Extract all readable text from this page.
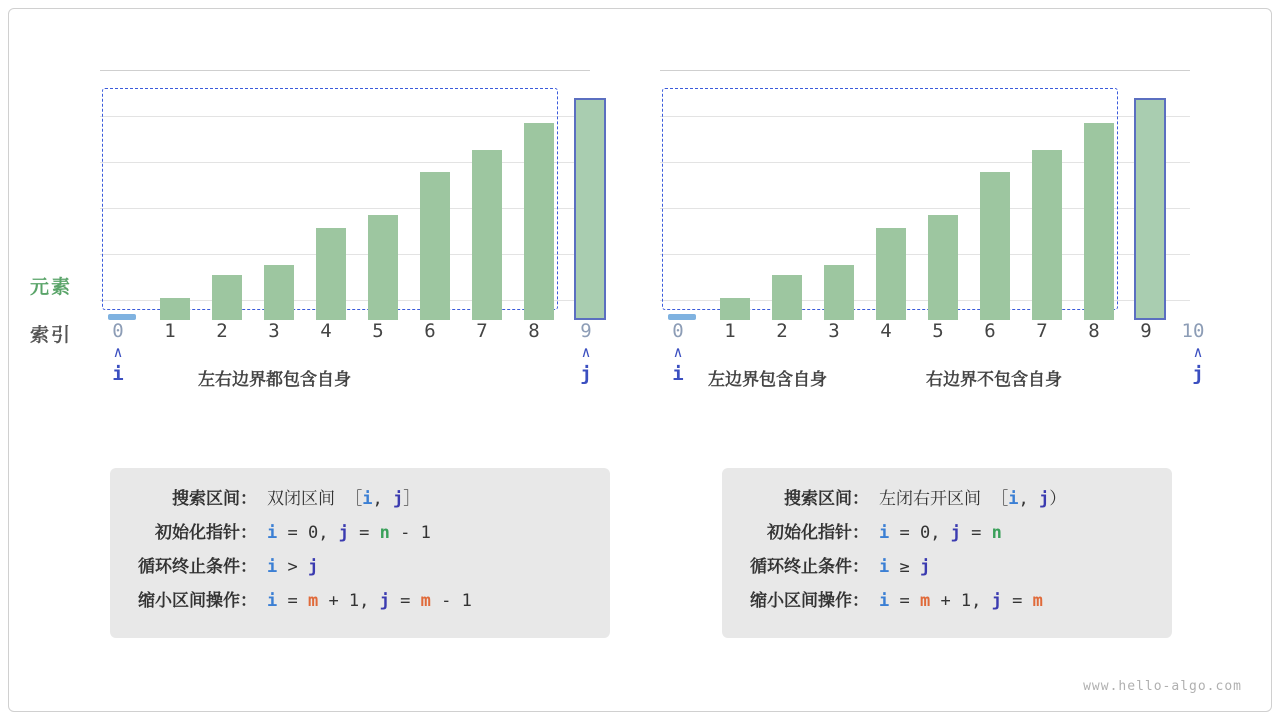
元素
索引	0	1	2	3	4	5	6	7	8	9
∧	∧
i	j
左右边界都包含自身
0	1	2	3	4	5	6	7	8	9	10
∧	∧
i	j
左边界包含自身	右边界不包含自身
搜索区间： 双闭区间 ［i, j］
初始化指针： i = 0, j = n - 1
循环终止条件： i > j
缩小区间操作： i = m + 1, j = m - 1
搜索区间： 左闭右开区间 ［i, j）
初始化指针： i = 0, j = n
循环终止条件： i ≥ j
缩小区间操作： i = m + 1, j = m
www.hello-algo.com
